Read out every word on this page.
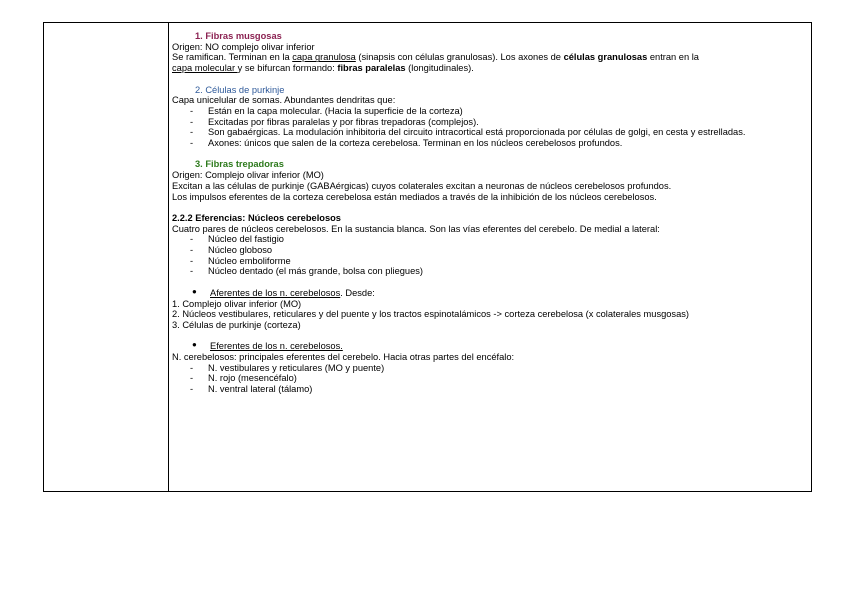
1. Fibras musgosas
Origen: NO complejo olivar inferior
Se ramifican. Terminan en la capa granulosa (sinapsis con células granulosas). Los axones de células granulosas entran en la
capa molecular y se bifurcan formando: fibras paralelas (longitudinales).
2. Células de purkinje
Capa unicelular de somas. Abundantes dendritas que:
- Están en la capa molecular. (Hacia la superficie de la corteza)
- Excitadas por fibras paralelas y por fibras trepadoras (complejos).
- Son gabaérgicas. La modulación inhibitoria del circuito intracortical está proporcionada por células de golgi, en cesta y estrelladas.
- Axones: únicos que salen de la corteza cerebelosa. Terminan en los núcleos cerebelosos profundos.
3. Fibras trepadoras
Origen: Complejo olivar inferior (MO)
Excitan a las células de purkinje (GABAérgicas) cuyos colaterales excitan a neuronas de núcleos cerebelosos profundos.
Los impulsos eferentes de la corteza cerebelosa están mediados a través de la inhibición de los núcleos cerebelosos.
2.2.2 Eferencias: Núcleos cerebelosos
Cuatro pares de núcleos cerebelosos. En la sustancia blanca. Son las vías eferentes del cerebelo. De medial a lateral:
- Núcleo del fastigio
- Núcleo globoso
- Núcleo emboliforme
- Núcleo dentado (el más grande, bolsa con pliegues)
● Aferentes de los n. cerebelosos. Desde:
1. Complejo olivar inferior (MO)
2. Núcleos vestibulares, reticulares y del puente y los tractos espinotalámicos -> corteza cerebelosa (x colaterales musgosas)
3. Células de purkinje (corteza)
● Eferentes de los n. cerebelosos.
N. cerebelosos: principales eferentes del cerebelo. Hacia otras partes del encéfalo:
- N. vestibulares y reticulares (MO y puente)
- N. rojo (mesencéfalo)
- N. ventral lateral (tálamo)
